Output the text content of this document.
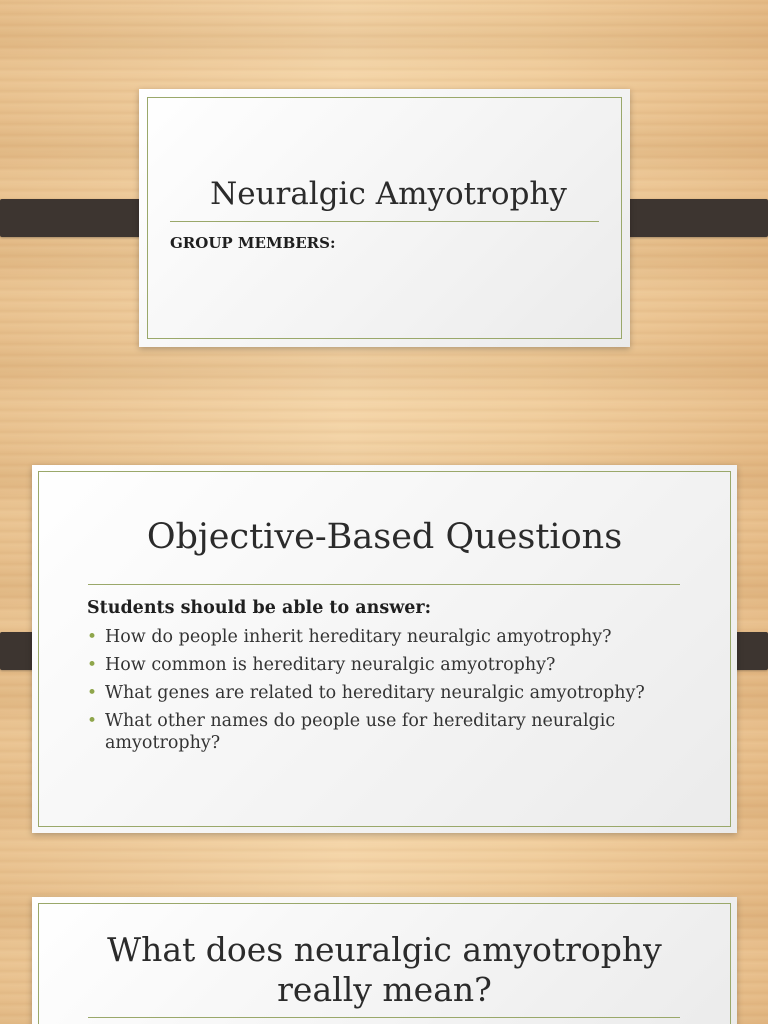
Neuralgic Amyotrophy
GROUP MEMBERS:
Objective-Based Questions
Students should be able to answer:
• How do people inherit hereditary neuralgic amyotrophy?
• How common is hereditary neuralgic amyotrophy?
• What genes are related to hereditary neuralgic amyotrophy?
• What other names do people use for hereditary neuralgic amyotrophy?
What does neuralgic amyotrophy
really mean?
